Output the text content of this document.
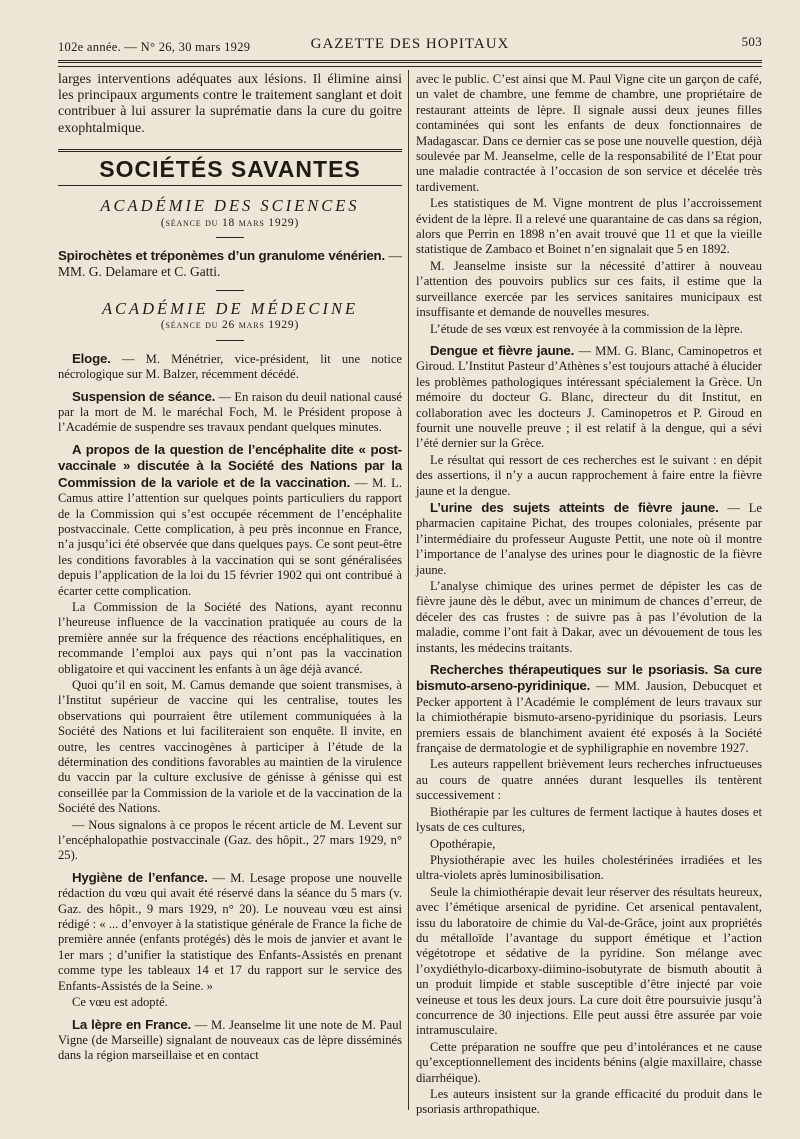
102e année. — N° 26, 30 mars 1929	GAZETTE DES HOPITAUX	503

larges interventions adéquates aux lésions. Il élimine ainsi les principaux arguments contre le traitement sanglant et doit contribuer à lui assurer la suprématie dans la cure du goitre exophtalmique.

SOCIÉTÉS SAVANTES
ACADÉMIE DES SCIENCES
(séance du 18 mars 1929)

Spirochètes et tréponèmes d’un granulome vénérien. — MM. G. Delamare et C. Gatti.

ACADÉMIE DE MÉDECINE
(séance du 26 mars 1929)

Eloge. — M. Ménétrier, vice-président, lit une notice nécrologique sur M. Balzer, récemment décédé.

Suspension de séance. — En raison du deuil national causé par la mort de M. le maréchal Foch, M. le Président propose à l’Académie de suspendre ses travaux pendant quelques minutes.

A propos de la question de l’encéphalite dite « post-vaccinale » discutée à la Société des Nations par la Commission de la variole et de la vaccination. — M. L. Camus attire l’attention sur quelques points particuliers du rapport de la Commission qui s’est occupée récemment de l’encéphalite postvaccinale. Cette complication, à peu près inconnue en France, n’a jusqu’ici été observée que dans quelques pays. Ce sont peut-être les conditions favorables à la vaccination qui se sont généralisées depuis l’application de la loi du 15 février 1902 qui ont contribué à écarter cette complication.

La Commission de la Société des Nations, ayant reconnu l’heureuse influence de la vaccination pratiquée au cours de la première année sur la fréquence des réactions encéphalitiques, en recommande l’emploi aux pays qui n’ont pas la vaccination obligatoire et qui vaccinent les enfants à un âge déjà avancé.

Quoi qu’il en soit, M. Camus demande que soient transmises, à l’Institut supérieur de vaccine qui les centralise, toutes les observations qui pourraient être utilement communiquées à la Société des Nations et lui faciliteraient son enquête. Il invite, en outre, les centres vaccinogènes à participer à l’étude de la détermination des conditions favorables au maintien de la virulence du vaccin par la culture exclusive de génisse à génisse qui est conseillée par la Commission de la variole et de la vaccination de la Société des Nations.

— Nous signalons à ce propos le récent article de M. Levent sur l’encéphalopathie postvaccinale (Gaz. des hôpit., 27 mars 1929, n° 25).

Hygiène de l’enfance. — M. Lesage propose une nouvelle rédaction du vœu qui avait été réservé dans la séance du 5 mars (v. Gaz. des hôpit., 9 mars 1929, n° 20). Le nouveau vœu est ainsi rédigé : « ... d’envoyer à la statistique générale de France la fiche de première année (enfants protégés) dès le mois de janvier et avant le 1er mars ; d’unifier la statistique des Enfants-Assistés en prenant comme type les tableaux 14 et 17 du rapport sur le service des Enfants-Assistés de la Seine. »

Ce vœu est adopté.

La lèpre en France. — M. Jeanselme lit une note de M. Paul Vigne (de Marseille) signalant de nouveaux cas de lèpre disséminés dans la région marseillaise et en contact

avec le public. C’est ainsi que M. Paul Vigne cite un garçon de café, un valet de chambre, une femme de chambre, une propriétaire de restaurant atteints de lèpre. Il signale aussi deux jeunes filles contaminées qui sont les enfants de deux fonctionnaires de Madagascar. Dans ce dernier cas se pose une nouvelle question, déjà soulevée par M. Jeanselme, celle de la responsabilité de l’Etat pour une maladie contractée à l’occasion de son service et décelée très tardivement.

Les statistiques de M. Vigne montrent de plus l’accroissement évident de la lèpre. Il a relevé une quarantaine de cas dans sa région, alors que Perrin en 1898 n’en avait trouvé que 11 et que la vieille statistique de Zambaco et Boinet n’en signalait que 5 en 1892.

M. Jeanselme insiste sur la nécessité d’attirer à nouveau l’attention des pouvoirs publics sur ces faits, il estime que la surveillance exercée par les services sanitaires municipaux est insuffisante et demande de nouvelles mesures.

L’étude de ses vœux est renvoyée à la commission de la lèpre.

Dengue et fièvre jaune. — MM. G. Blanc, Caminopetros et Giroud. L’Institut Pasteur d’Athènes s’est toujours attaché à élucider les problèmes pathologiques intéressant spécialement la Grèce. Un mémoire du docteur G. Blanc, directeur du dit Institut, en collaboration avec les docteurs J. Caminopetros et P. Giroud en fournit une nouvelle preuve ; il est relatif à la dengue, qui a sévi l’été dernier sur la Grèce.

Le résultat qui ressort de ces recherches est le suivant : en dépit des assertions, il n’y a aucun rapprochement à faire entre la fièvre jaune et la dengue.

L’urine des sujets atteints de fièvre jaune. — Le pharmacien capitaine Pichat, des troupes coloniales, présente par l’intermédiaire du professeur Auguste Pettit, une note où il montre l’importance de l’analyse des urines pour le diagnostic de la fièvre jaune.

L’analyse chimique des urines permet de dépister les cas de fièvre jaune dès le début, avec un minimum de chances d’erreur, de déceler des cas frustes : de suivre pas à pas l’évolution de la maladie, comme l’ont fait à Dakar, avec un dévouement de tous les instants, les médecins traitants.

Recherches thérapeutiques sur le psoriasis. Sa cure bismuto-arseno-pyridinique. — MM. Jausion, Debucquet et Pecker apportent à l’Académie le complément de leurs travaux sur la chimiothérapie bismuto-arseno-pyridinique du psoriasis. Leurs premiers essais de blanchiment avaient été exposés à la Société française de dermatologie et de syphiligraphie en novembre 1927.

Les auteurs rappellent brièvement leurs recherches infructueuses au cours de quatre années durant lesquelles ils tentèrent successivement :

Biothérapie par les cultures de ferment lactique à hautes doses et lysats de ces cultures,

Opothérapie,

Physiothérapie avec les huiles cholestérinées irradiées et les ultra-violets après luminosibilisation.

Seule la chimiothérapie devait leur réserver des résultats heureux, avec l’émétique arsenical de pyridine. Cet arsenical pentavalent, issu du laboratoire de chimie du Val-de-Grâce, joint aux propriétés du métalloïde l’avantage du support émétique et l’action végétotrope et sédative de la pyridine. Son mélange avec l’oxydiéthylo-dicarboxy-diimino-isobutyrate de bismuth aboutit à un produit limpide et stable susceptible d’être injecté par voie veineuse et tous les deux jours. La cure doit être poursuivie jusqu’à concurrence de 30 injections. Elle peut aussi être assurée par voie intramusculaire.

Cette préparation ne souffre que peu d’intolérances et ne cause qu’exceptionnellement des incidents bénins (algie maxillaire, chasse diarrhéique).

Les auteurs insistent sur la grande efficacité du produit dans le psoriasis arthropathique.
